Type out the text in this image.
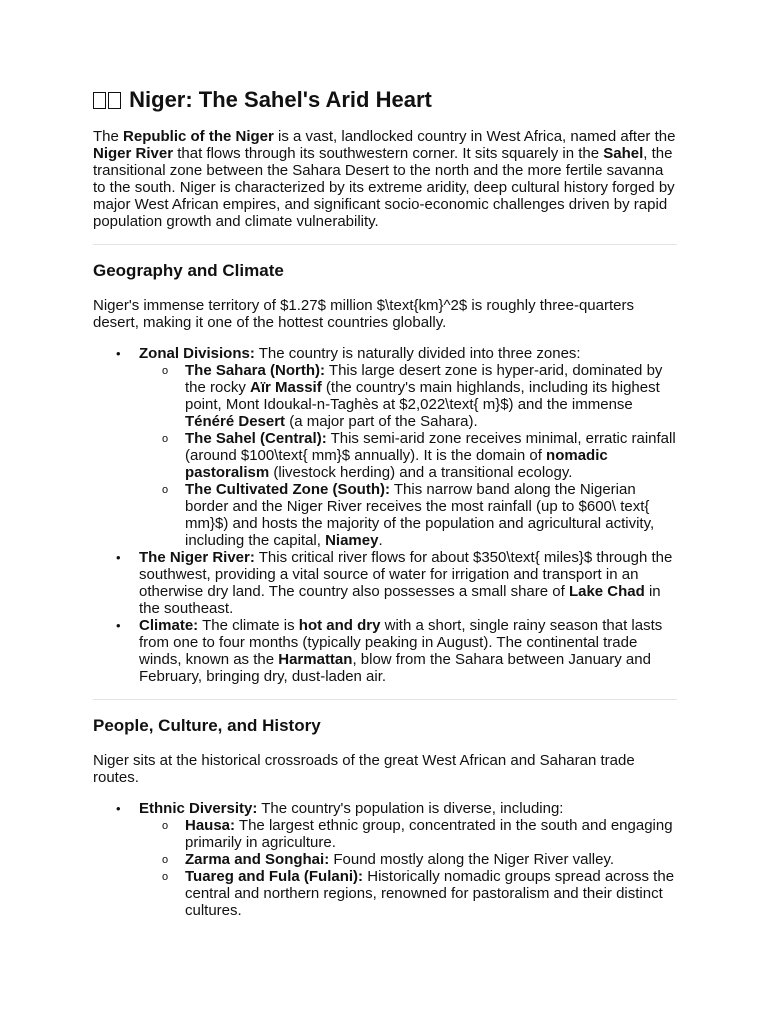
Niger: The Sahel's Arid Heart

The Republic of the Niger is a vast, landlocked country in West Africa, named after the Niger River that flows through its southwestern corner. It sits squarely in the Sahel, the transitional zone between the Sahara Desert to the north and the more fertile savanna to the south. Niger is characterized by its extreme aridity, deep cultural history forged by major West African empires, and significant socio-economic challenges driven by rapid population growth and climate vulnerability.

Geography and Climate

Niger's immense territory of $1.27$ million $\text{km}^2$ is roughly three-quarters desert, making it one of the hottest countries globally.

• Zonal Divisions: The country is naturally divided into three zones:
o The Sahara (North): This large desert zone is hyper-arid, dominated by the rocky Aïr Massif (the country's main highlands, including its highest point, Mont Idoukal-n-Taghès at $2,022\text{ m}$) and the immense Ténéré Desert (a major part of the Sahara).
o The Sahel (Central): This semi-arid zone receives minimal, erratic rainfall (around $100\text{ mm}$ annually). It is the domain of nomadic pastoralism (livestock herding) and a transitional ecology.
o The Cultivated Zone (South): This narrow band along the Nigerian border and the Niger River receives the most rainfall (up to $600\ text{ mm}$) and hosts the majority of the population and agricultural activity, including the capital, Niamey.
• The Niger River: This critical river flows for about $350\text{ miles}$ through the southwest, providing a vital source of water for irrigation and transport in an otherwise dry land. The country also possesses a small share of Lake Chad in the southeast.
• Climate: The climate is hot and dry with a short, single rainy season that lasts from one to four months (typically peaking in August). The continental trade winds, known as the Harmattan, blow from the Sahara between January and February, bringing dry, dust-laden air.
People, Culture, and History

Niger sits at the historical crossroads of the great West African and Saharan trade routes.

• Ethnic Diversity: The country's population is diverse, including:
o Hausa: The largest ethnic group, concentrated in the south and engaging primarily in agriculture.
o Zarma and Songhai: Found mostly along the Niger River valley.
o Tuareg and Fula (Fulani): Historically nomadic groups spread across the central and northern regions, renowned for pastoralism and their distinct cultures.
